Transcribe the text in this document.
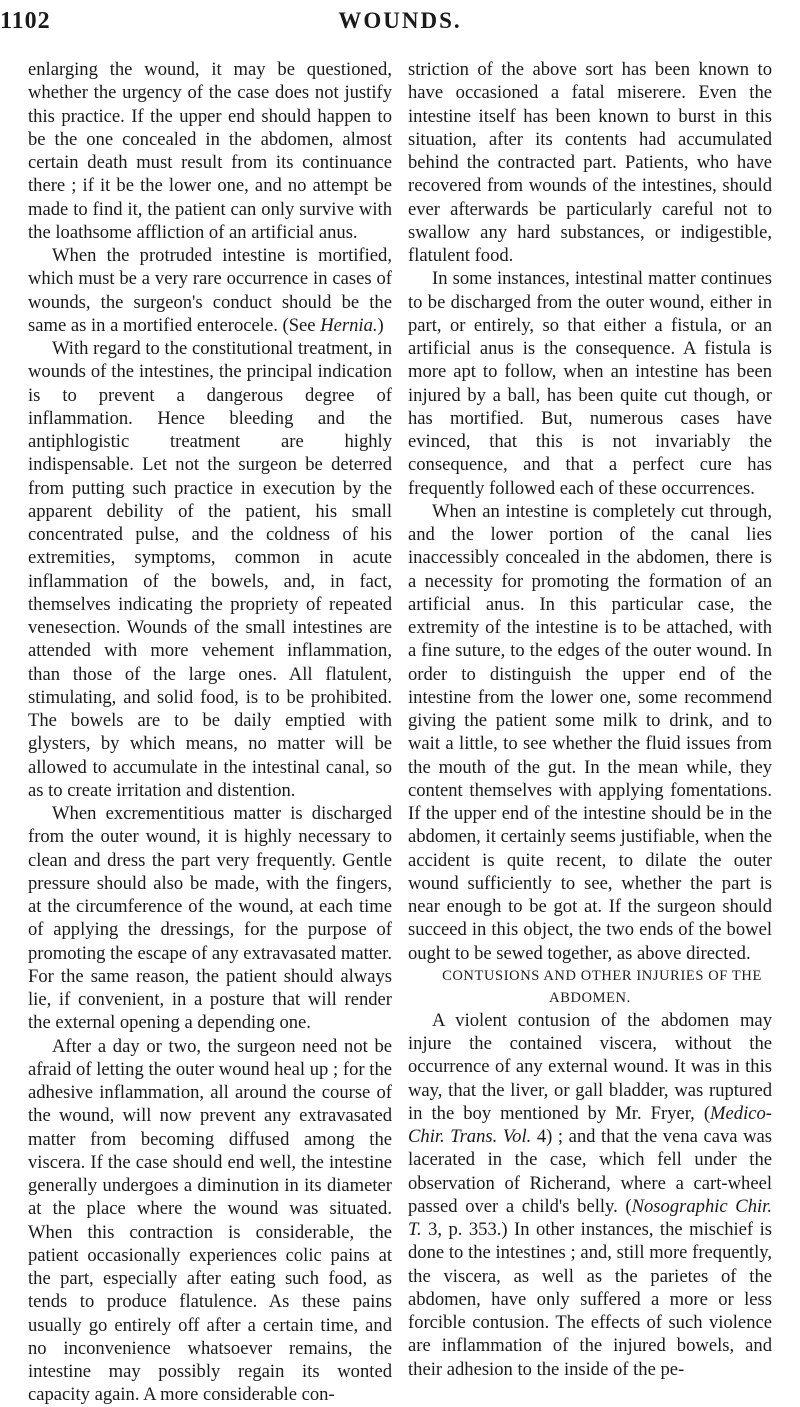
1102	WOUNDS.

enlarging the wound, it may be questioned, whether the urgency of the case does not justify this practice. If the upper end should happen to be the one concealed in the abdomen, almost certain death must result from its continuance there ; if it be the lower one, and no attempt be made to find it, the patient can only survive with the loathsome affliction of an artificial anus.

When the protruded intestine is mortified, which must be a very rare occurrence in cases of wounds, the surgeon's conduct should be the same as in a mortified enterocele. (See Hernia.)

With regard to the constitutional treatment, in wounds of the intestines, the principal indication is to prevent a dangerous degree of inflammation. Hence bleeding and the antiphlogistic treatment are highly indispensable. Let not the surgeon be deterred from putting such practice in execution by the apparent debility of the patient, his small concentrated pulse, and the coldness of his extremities, symptoms, common in acute inflammation of the bowels, and, in fact, themselves indicating the propriety of repeated venesection. Wounds of the small intestines are attended with more vehement inflammation, than those of the large ones. All flatulent, stimulating, and solid food, is to be prohibited. The bowels are to be daily emptied with glysters, by which means, no matter will be allowed to accumulate in the intestinal canal, so as to create irritation and distention.

When excrementitious matter is discharged from the outer wound, it is highly necessary to clean and dress the part very frequently. Gentle pressure should also be made, with the fingers, at the circumference of the wound, at each time of applying the dressings, for the purpose of promoting the escape of any extravasated matter. For the same reason, the patient should always lie, if convenient, in a posture that will render the external opening a depending one.

After a day or two, the surgeon need not be afraid of letting the outer wound heal up ; for the adhesive inflammation, all around the course of the wound, will now prevent any extravasated matter from becoming diffused among the viscera. If the case should end well, the intestine generally undergoes a diminution in its diameter at the place where the wound was situated. When this contraction is considerable, the patient occasionally experiences colic pains at the part, especially after eating such food, as tends to produce flatulence. As these pains usually go entirely off after a certain time, and no inconvenience whatsoever remains, the intestine may possibly regain its wonted capacity again. A more considerable con-

striction of the above sort has been known to have occasioned a fatal miserere. Even the intestine itself has been known to burst in this situation, after its contents had accumulated behind the contracted part. Patients, who have recovered from wounds of the intestines, should ever afterwards be particularly careful not to swallow any hard substances, or indigestible, flatulent food.

In some instances, intestinal matter continues to be discharged from the outer wound, either in part, or entirely, so that either a fistula, or an artificial anus is the consequence. A fistula is more apt to follow, when an intestine has been injured by a ball, has been quite cut though, or has mortified. But, numerous cases have evinced, that this is not invariably the consequence, and that a perfect cure has frequently followed each of these occurrences.

When an intestine is completely cut through, and the lower portion of the canal lies inaccessibly concealed in the abdomen, there is a necessity for promoting the formation of an artificial anus. In this particular case, the extremity of the intestine is to be attached, with a fine suture, to the edges of the outer wound. In order to distinguish the upper end of the intestine from the lower one, some recommend giving the patient some milk to drink, and to wait a little, to see whether the fluid issues from the mouth of the gut. In the mean while, they content themselves with applying fomentations. If the upper end of the intestine should be in the abdomen, it certainly seems justifiable, when the accident is quite recent, to dilate the outer wound sufficiently to see, whether the part is near enough to be got at. If the surgeon should succeed in this object, the two ends of the bowel ought to be sewed together, as above directed.

CONTUSIONS AND OTHER INJURIES OF THE ABDOMEN.

A violent contusion of the abdomen may injure the contained viscera, without the occurrence of any external wound. It was in this way, that the liver, or gall bladder, was ruptured in the boy mentioned by Mr. Fryer, (Medico-Chir. Trans. Vol. 4) ; and that the vena cava was lacerated in the case, which fell under the observation of Richerand, where a cart-wheel passed over a child's belly. (Nosographic Chir. T. 3, p. 353.) In other instances, the mischief is done to the intestines ; and, still more frequently, the viscera, as well as the parietes of the abdomen, have only suffered a more or less forcible contusion. The effects of such violence are inflammation of the injured bowels, and their adhesion to the inside of the pe-
